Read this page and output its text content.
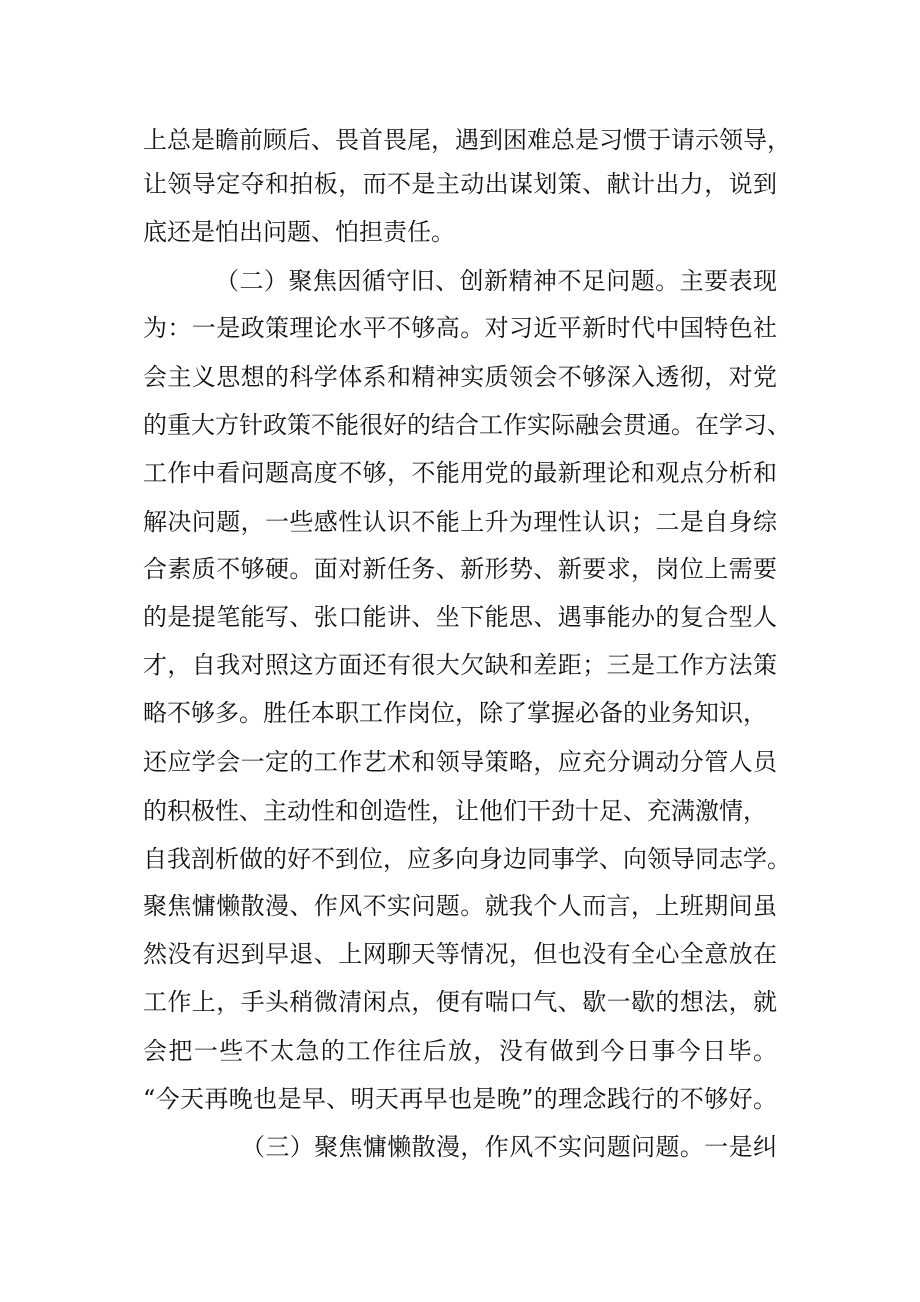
上总是瞻前顾后、畏首畏尾，遇到困难总是习惯于请示领导，
让领导定夺和拍板，而不是主动出谋划策、献计出力，说到
底还是怕出问题、怕担责任。
（二）聚焦因循守旧、创新精神不足问题。主要表现
为：一是政策理论水平不够高。对习近平新时代中国特色社
会主义思想的科学体系和精神实质领会不够深入透彻，对党
的重大方针政策不能很好的结合工作实际融会贯通。在学习、
工作中看问题高度不够，不能用党的最新理论和观点分析和
解决问题，一些感性认识不能上升为理性认识；二是自身综
合素质不够硬。面对新任务、新形势、新要求，岗位上需要
的是提笔能写、张口能讲、坐下能思、遇事能办的复合型人
才，自我对照这方面还有很大欠缺和差距；三是工作方法策
略不够多。胜任本职工作岗位，除了掌握必备的业务知识，
还应学会一定的工作艺术和领导策略，应充分调动分管人员
的积极性、主动性和创造性，让他们干劲十足、充满激情，
自我剖析做的好不到位，应多向身边同事学、向领导同志学。
聚焦慵懒散漫、作风不实问题。就我个人而言，上班期间虽
然没有迟到早退、上网聊天等情况，但也没有全心全意放在
工作上，手头稍微清闲点，便有喘口气、歇一歇的想法，就
会把一些不太急的工作往后放，没有做到今日事今日毕。
“今天再晚也是早、明天再早也是晚”的理念践行的不够好。
（三）聚焦慵懒散漫，作风不实问题问题。一是纠
